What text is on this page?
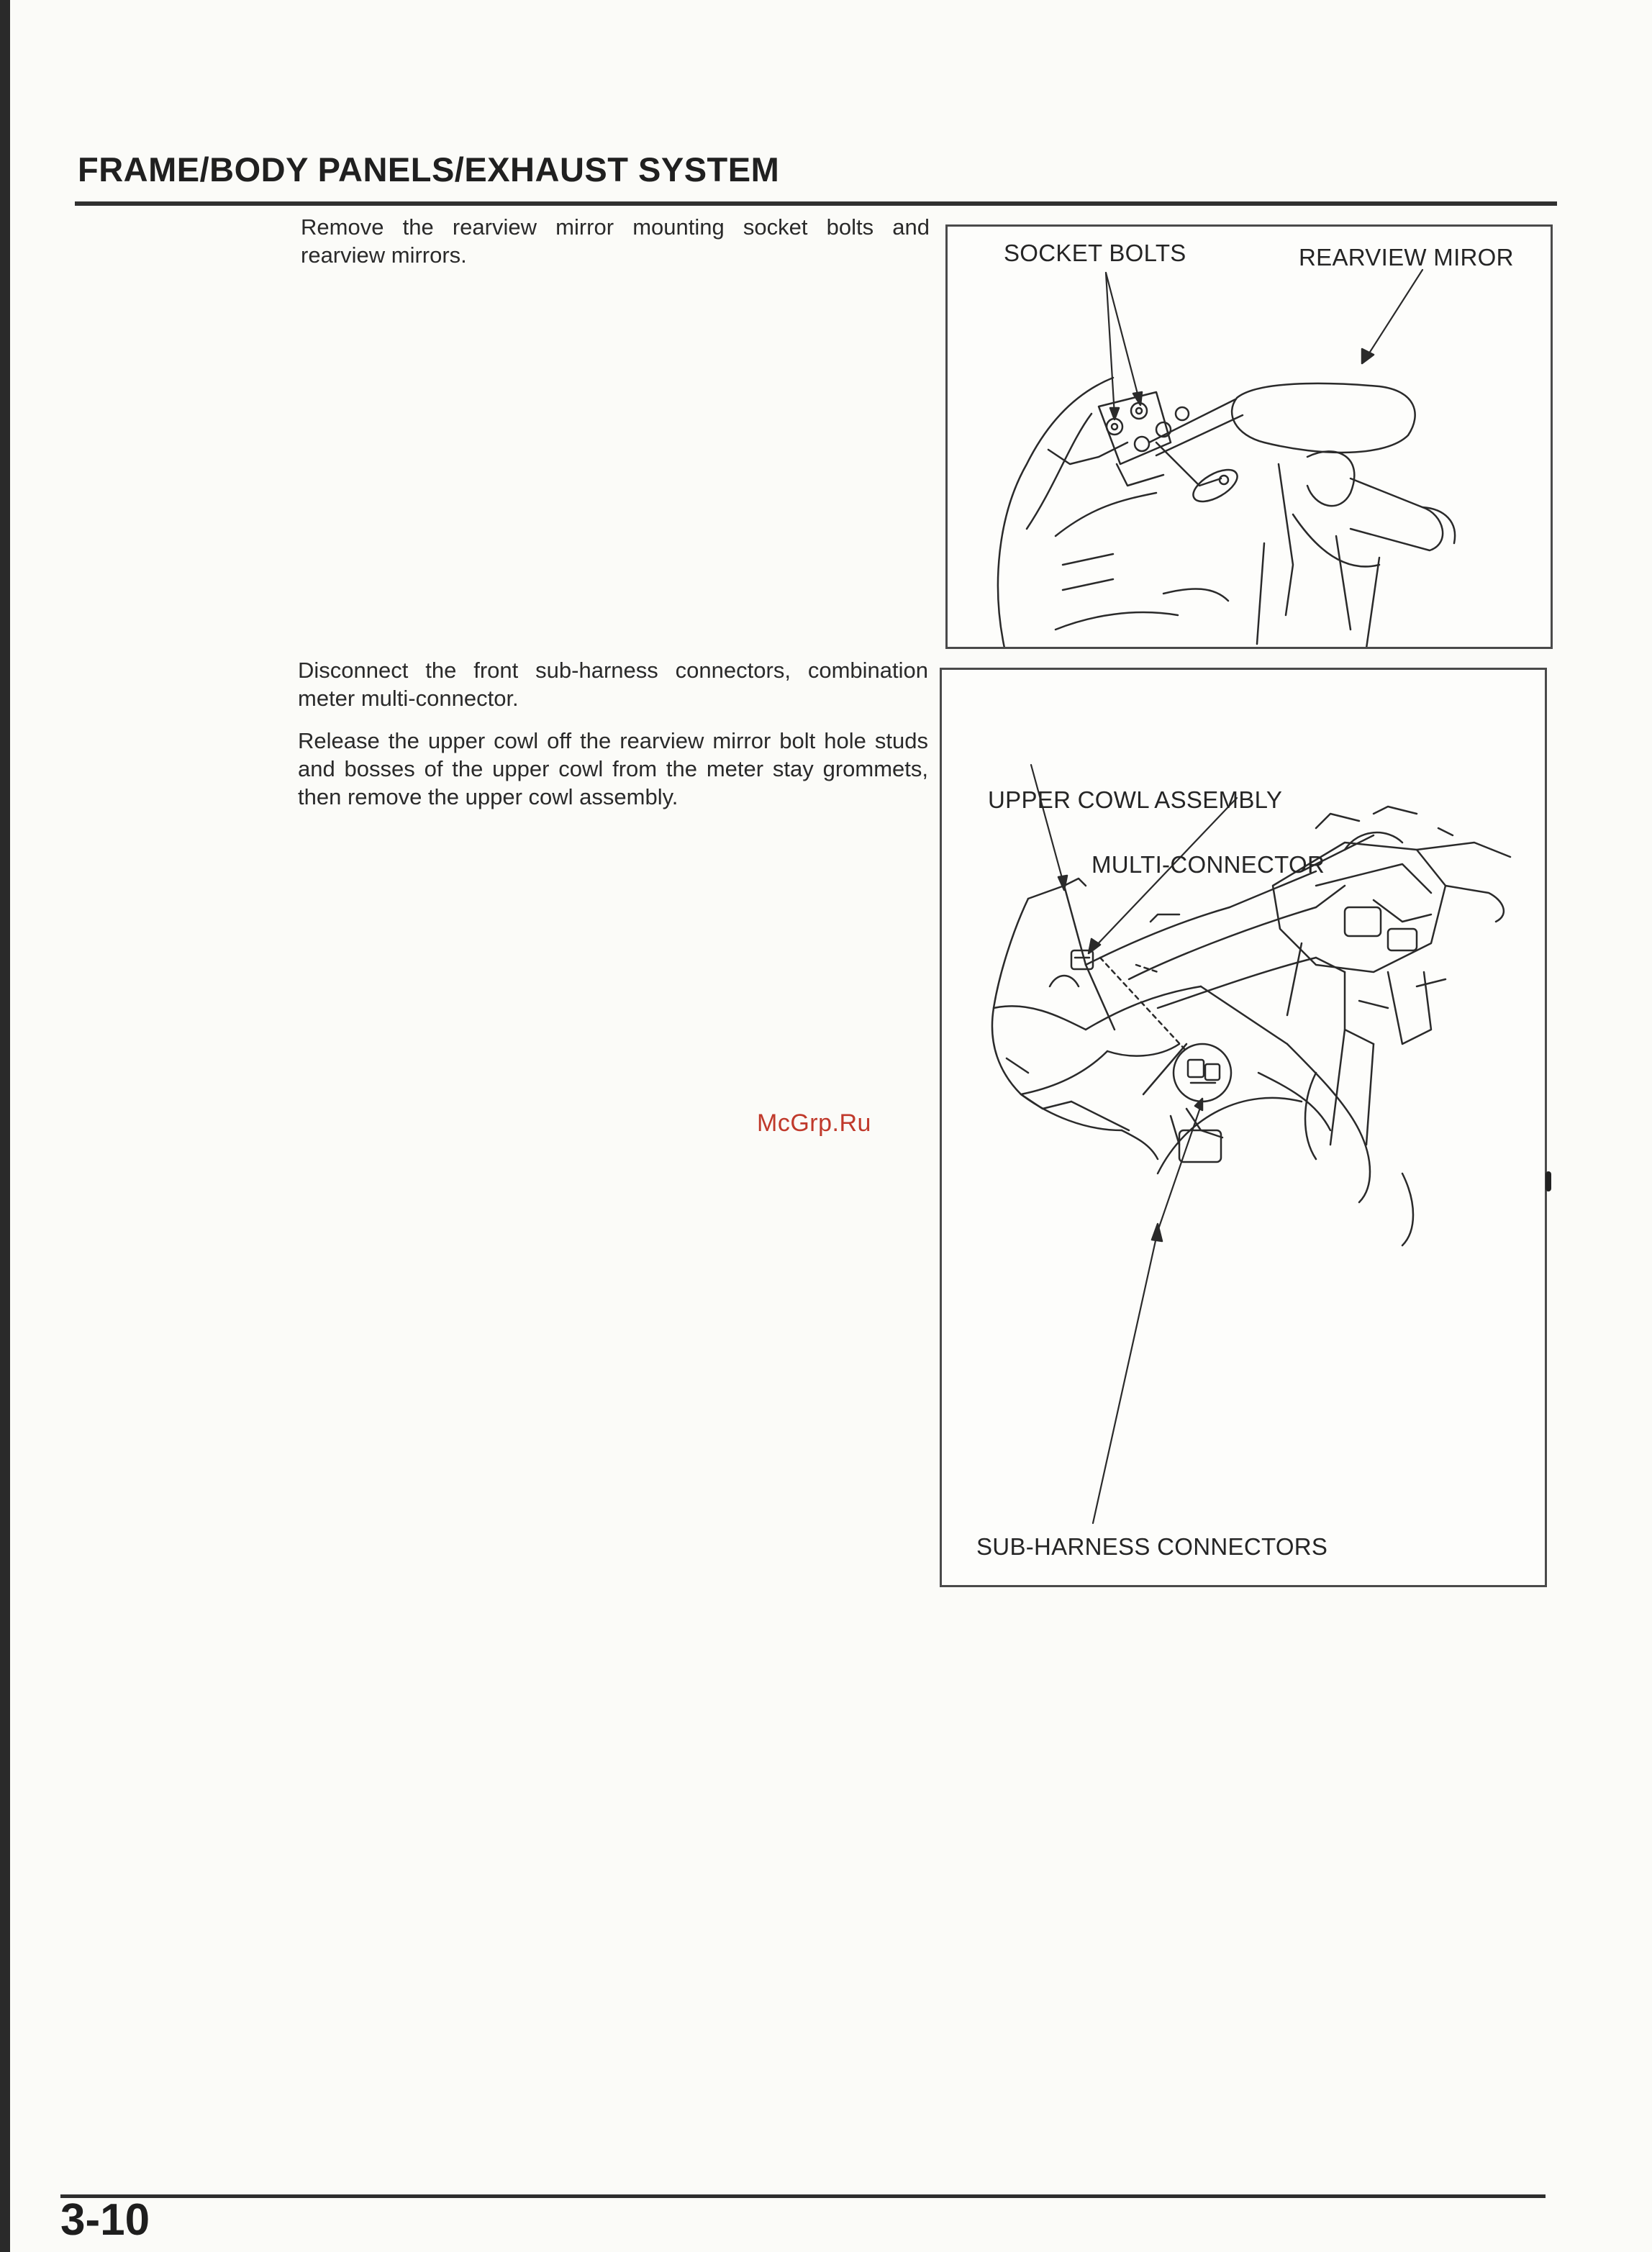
FRAME/BODY PANELS/EXHAUST SYSTEM

Remove the rearview mirror mounting socket bolts and rearview mirrors.

Disconnect the front sub-harness connectors, combination meter multi-connector.

Release the upper cowl off the rearview mirror bolt hole studs and bosses of the upper cowl from the meter stay grommets, then remove the upper cowl assembly.

SOCKET BOLTS	REARVIEW MIROR
UPPER COWL ASSEMBLY
MULTI-CONNECTOR
SUB-HARNESS CONNECTORS
McGrp.Ru
3-10
